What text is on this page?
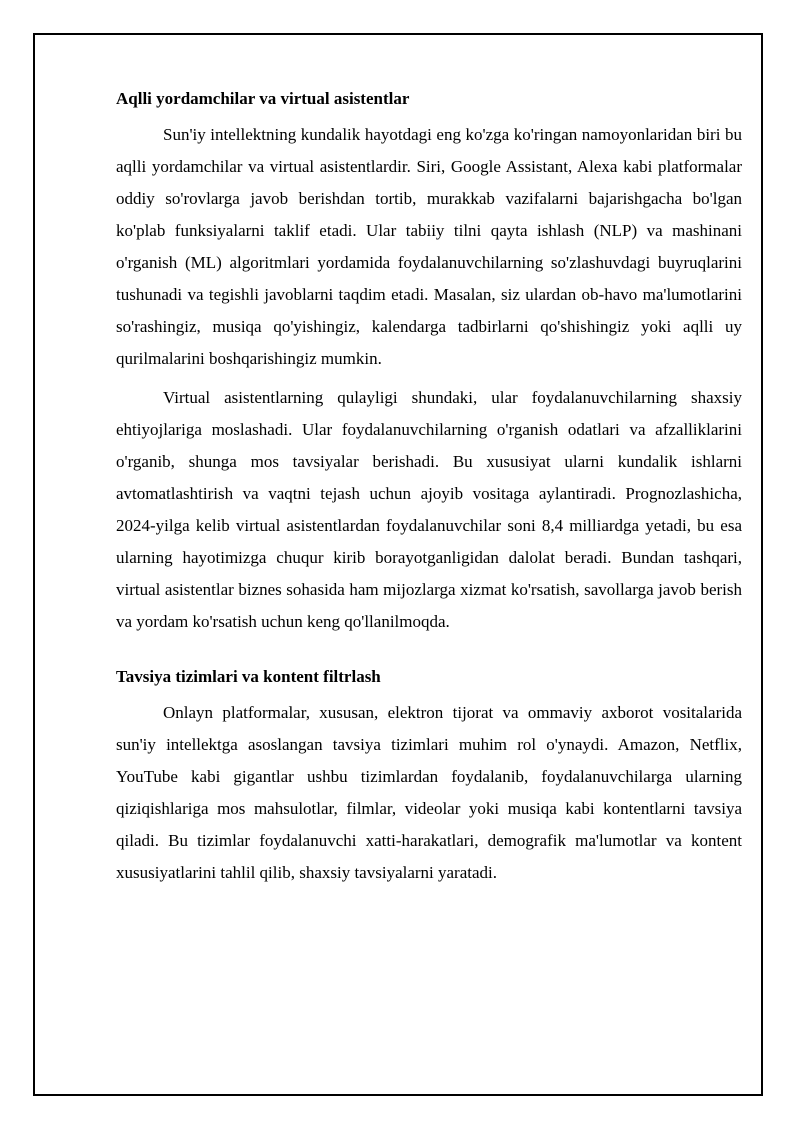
Aqlli yordamchilar va virtual asistentlar

Sun'iy intellektning kundalik hayotdagi eng ko'zga ko'ringan namoyonlaridan biri bu aqlli yordamchilar va virtual asistentlardir. Siri, Google Assistant, Alexa kabi platformalar oddiy so'rovlarga javob berishdan tortib, murakkab vazifalarni bajarishgacha bo'lgan ko'plab funksiyalarni taklif etadi. Ular tabiiy tilni qayta ishlash (NLP) va mashinani o'rganish (ML) algoritmlari yordamida foydalanuvchilarning so'zlashuvdagi buyruqlarini tushunadi va tegishli javoblarni taqdim etadi. Masalan, siz ulardan ob-havo ma'lumotlarini so'rashingiz, musiqa qo'yishingiz, kalendarga tadbirlarni qo'shishingiz yoki aqlli uy qurilmalarini boshqarishingiz mumkin.

Virtual asistentlarning qulayligi shundaki, ular foydalanuvchilarning shaxsiy ehtiyojlariga moslashadi. Ular foydalanuvchilarning o'rganish odatlari va afzalliklarini o'rganib, shunga mos tavsiyalar berishadi. Bu xususiyat ularni kundalik ishlarni avtomatlashtirish va vaqtni tejash uchun ajoyib vositaga aylantiradi. Prognozlashicha, 2024-yilga kelib virtual asistentlardan foydalanuvchilar soni 8,4 milliardga yetadi, bu esa ularning hayotimizga chuqur kirib borayotganligidan dalolat beradi. Bundan tashqari, virtual asistentlar biznes sohasida ham mijozlarga xizmat ko'rsatish, savollarga javob berish va yordam ko'rsatish uchun keng qo'llanilmoqda.

Tavsiya tizimlari va kontent filtrlash

Onlayn platformalar, xususan, elektron tijorat va ommaviy axborot vositalarida sun'iy intellektga asoslangan tavsiya tizimlari muhim rol o'ynaydi. Amazon, Netflix, YouTube kabi gigantlar ushbu tizimlardan foydalanib, foydalanuvchilarga ularning qiziqishlariga mos mahsulotlar, filmlar, videolar yoki musiqa kabi kontentlarni tavsiya qiladi. Bu tizimlar foydalanuvchi xatti-harakatlari, demografik ma'lumotlar va kontent xususiyatlarini tahlil qilib, shaxsiy tavsiyalarni yaratadi.
